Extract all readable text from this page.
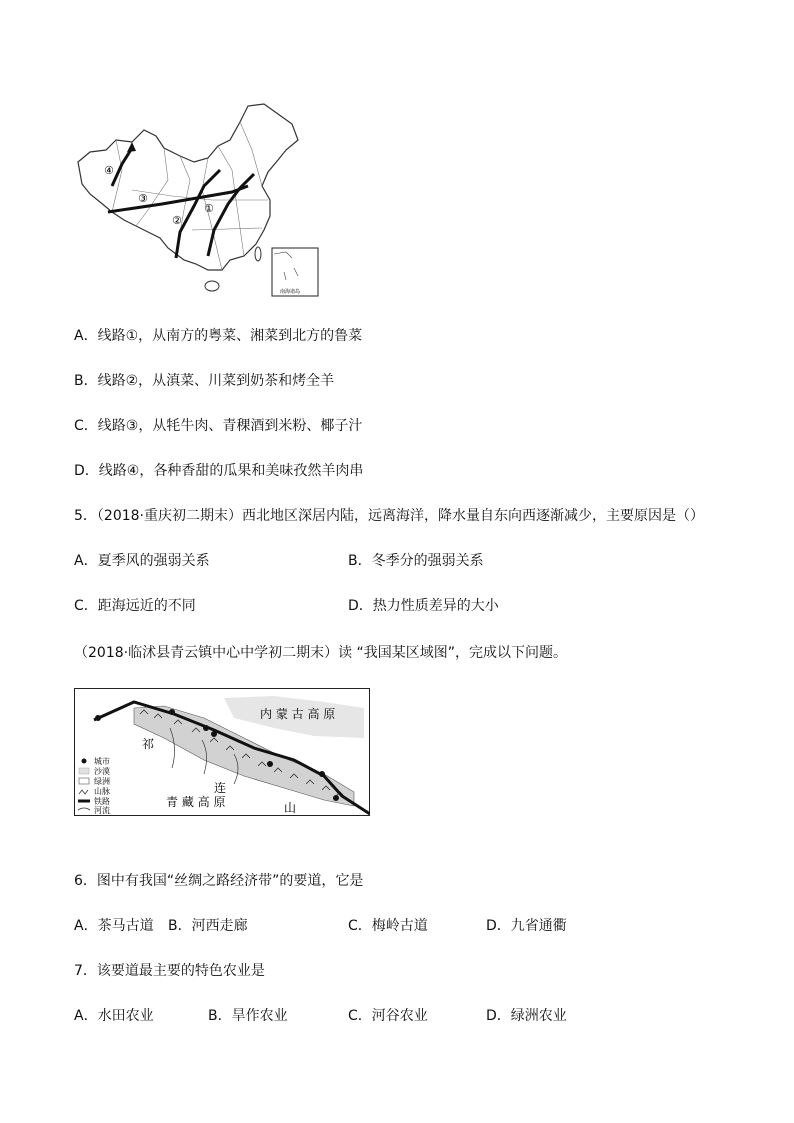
④
③
②
①
南海诸岛
A．线路①，从南方的粤菜、湘菜到北方的鲁菜
B．线路②，从滇菜、川菜到奶茶和烤全羊
C．线路③，从牦牛肉、青稞酒到米粉、椰子汁
D．线路④，各种香甜的瓜果和美味孜然羊肉串
5．（2018·重庆初二期末）西北地区深居内陆，远离海洋，降水量自东向西逐渐减少，主要原因是（）
A．夏季风的强弱关系	B．冬季分的强弱关系
C．距海远近的不同	D．热力性质差异的大小
（2018·临沭县青云镇中心中学初二期末）读 “我国某区域图”，完成以下问题。
内 蒙 古 高 原
青 藏 高 原
祁
连
山
城市
沙漠
绿洲
山脉
铁路
河流
6．图中有我国“丝绸之路经济带”的要道，它是
A．茶马古道 B．河西走廊	C．梅岭古道	D．九省通衢
7．该要道最主要的特色农业是
A．水田农业	B．旱作农业	C．河谷农业	D．绿洲农业
